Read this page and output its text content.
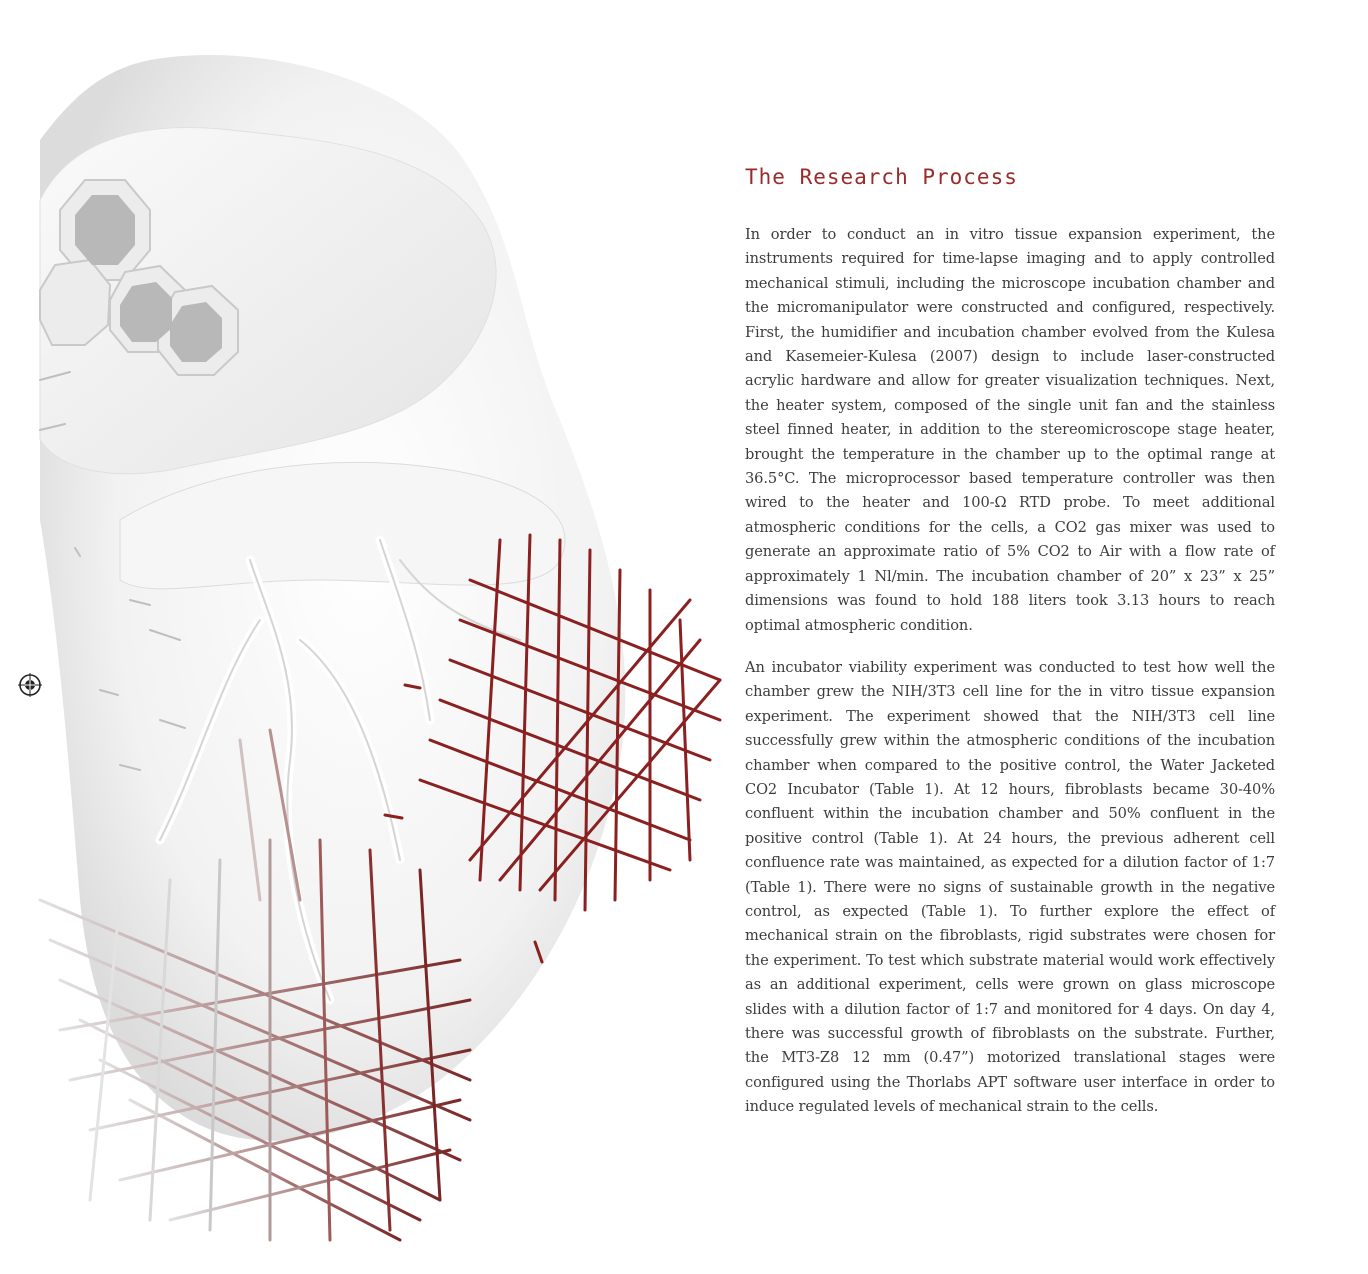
The Research Process

In order to conduct an in vitro tissue expansion experiment, the instruments required for time-lapse imaging and to apply controlled mechanical stimuli, including the microscope incubation chamber and the micromanipulator were constructed and configured, respectively. First, the humidifier and incubation chamber evolved from the Kulesa and Kasemeier-Kulesa (2007) design to include laser-constructed acrylic hardware and allow for greater visualization techniques. Next, the heater system, composed of the single unit fan and the stainless steel finned heater, in addition to the stereomicroscope stage heater, brought the temperature in the chamber up to the optimal range at 36.5°C. The microprocessor based temperature controller was then wired to the heater and 100-Ω RTD probe. To meet additional atmospheric conditions for the cells, a CO2 gas mixer was used to generate an approximate ratio of 5% CO2 to Air with a flow rate of approximately 1 Nl/min. The incubation chamber of 20” x 23” x 25” dimensions was found to hold 188 liters took 3.13 hours to reach optimal atmospheric condition.

An incubator viability experiment was conducted to test how well the chamber grew the NIH/3T3 cell line for the in vitro tissue expansion experiment. The experiment showed that the NIH/3T3 cell line successfully grew within the atmospheric conditions of the incubation chamber when compared to the positive control, the Water Jacketed CO2 Incubator (Table 1). At 12 hours, fibroblasts became 30-40% confluent within the incubation chamber and 50% confluent in the positive control (Table 1). At 24 hours, the previous adherent cell confluence rate was maintained, as expected for a dilution factor of 1:7 (Table 1). There were no signs of sustainable growth in the negative control, as expected (Table 1). To further explore the effect of mechanical strain on the fibroblasts, rigid substrates were chosen for the experiment. To test which substrate material would work effectively as an additional experiment, cells were grown on glass microscope slides with a dilution factor of 1:7 and monitored for 4 days. On day 4, there was successful growth of fibroblasts on the substrate. Further, the MT3-Z8 12 mm (0.47”) motorized translational stages were configured using the Thorlabs APT software user interface in order to induce regulated levels of mechanical strain to the cells.
